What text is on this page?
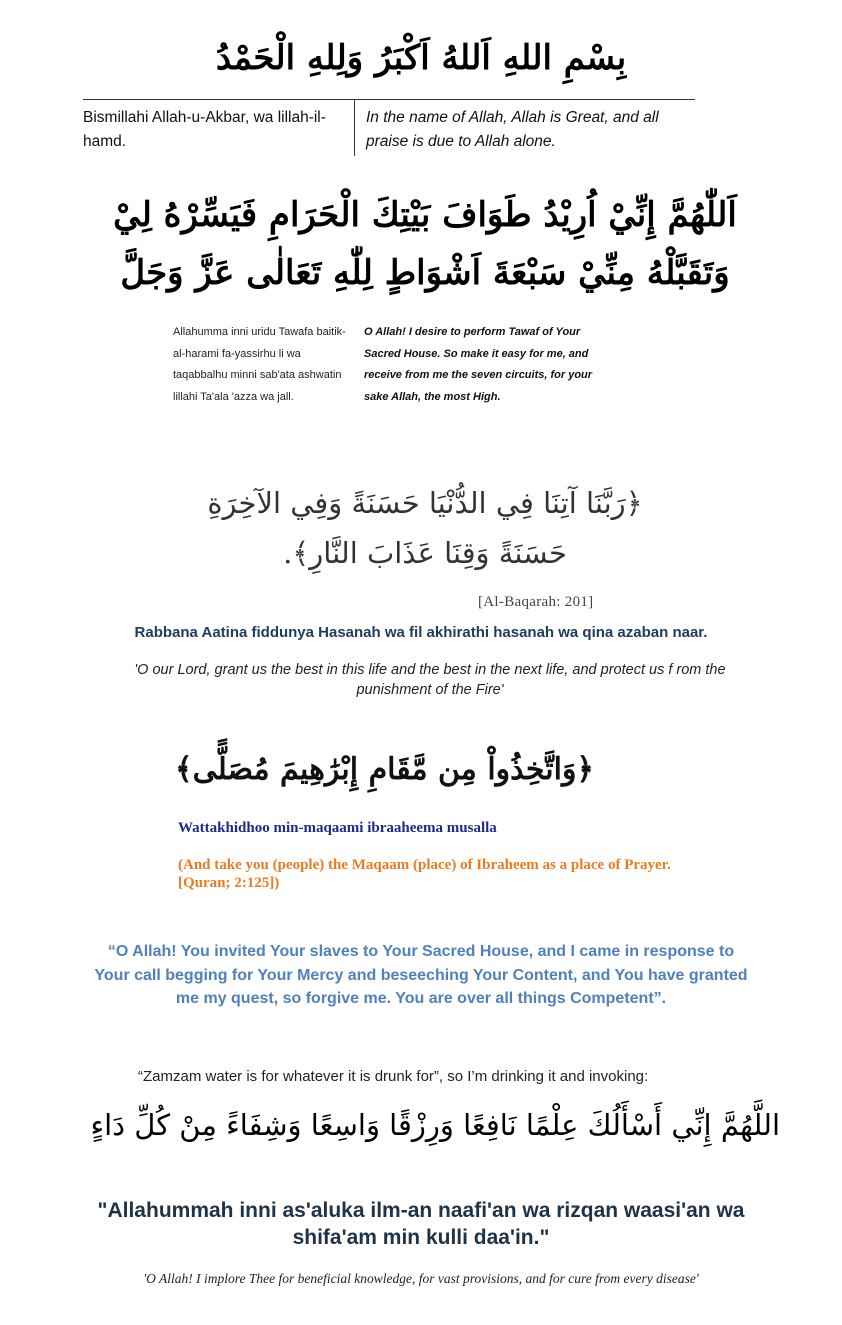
بِسْمِ اللهِ اَللهُ اَكْبَرُ وَلِلهِ الْحَمْدُ
Bismillahi Allah-u-Akbar, wa lillah-il-hamd.
In the name of Allah, Allah is Great, and all praise is due to Allah alone.
اَللّٰهُمَّ إِنِّيْ اُرِيْدُ طَوَافَ بَيْتِكَ الْحَرَامِ فَيَسِّرْهُ لِيْ وَتَقَبَّلْهُ مِنِّيْ سَبْعَةَ اَشْوَاطٍ لِلّٰهِ تَعَالٰى عَزَّ وَجَلَّ
Allahumma inni uridu Tawafa baitik-al-harami fa-yassirhu li wa taqabbalhu minni sab'ata ashwatin lillahi Ta'ala 'azza wa jall.
O Allah! I desire to perform Tawaf of Your Sacred House. So make it easy for me, and receive from me the seven circuits, for your sake Allah, the most High.
﴿رَبَّنَا آتِنَا فِي الدُّنْيَا حَسَنَةً وَفِي الآخِرَةِ حَسَنَةً وَقِنَا عَذَابَ النَّارِ﴾.
[Al-Baqarah: 201]
Rabbana Aatina fiddunya Hasanah wa fil akhirathi hasanah wa qina azaban naar.
'O our Lord, grant us the best in this life and the best in the next life, and protect us f rom the punishment of the Fire'
﴿وَاتَّخِذُواْ مِن مَّقَامِ إِبْرَٰهِيمَ مُصَلًّى﴾
Wattakhidhoo min-maqaami ibraaheema musalla
(And take you (people) the Maqaam (place) of Ibraheem as a place of Prayer. [Quran; 2:125])
“O Allah! You invited Your slaves to Your Sacred House, and I came in response to Your call begging for Your Mercy and beseeching Your Content, and You have granted me my quest, so forgive me. You are over all things Competent”.
“Zamzam water is for whatever it is drunk for”, so I’m drinking it and invoking:
اللَّهُمَّ إِنِّي أَسْأَلُكَ عِلْمًا نَافِعًا وَرِزْقًا وَاسِعًا وَشِفَاءً مِنْ كُلِّ دَاءٍ
"Allahummah inni as'aluka ilm-an naafi'an wa rizqan waasi'an wa shifa'am min kulli daa'in."
'O Allah! I implore Thee for beneficial knowledge, for vast provisions, and for cure from every disease'
